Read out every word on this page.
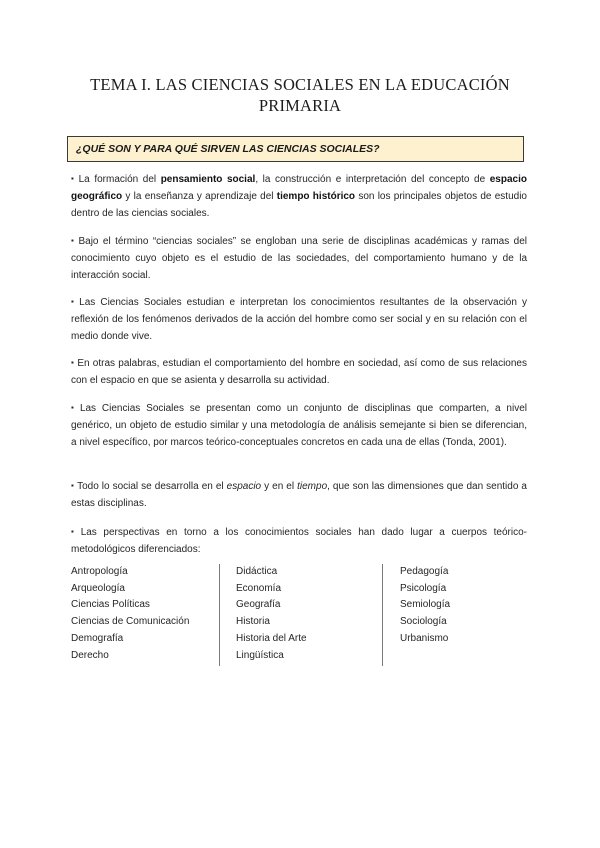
TEMA I. LAS CIENCIAS SOCIALES EN LA EDUCACIÓN
PRIMARIA
¿QUÉ SON Y PARA QUÉ SIRVEN LAS CIENCIAS SOCIALES?
▪ La formación del pensamiento social, la construcción e interpretación del concepto de espacio geográfico y la enseñanza y aprendizaje del tiempo histórico son los principales objetos de estudio dentro de las ciencias sociales.
▪ Bajo el término “ciencias sociales” se engloban una serie de disciplinas académicas y ramas del conocimiento cuyo objeto es el estudio de las sociedades, del comportamiento humano y de la interacción social.
▪ Las Ciencias Sociales estudian e interpretan los conocimientos resultantes de la observación y reflexión de los fenómenos derivados de la acción del hombre como ser social y en su relación con el medio donde vive.
▪ En otras palabras, estudian el comportamiento del hombre en sociedad, así como de sus relaciones con el espacio en que se asienta y desarrolla su actividad.
▪ Las Ciencias Sociales se presentan como un conjunto de disciplinas que comparten, a nivel genérico, un objeto de estudio similar y una metodología de análisis semejante si bien se diferencian, a nivel específico, por marcos teórico-conceptuales concretos en cada una de ellas (Tonda, 2001).
▪ Todo lo social se desarrolla en el espacio y en el tiempo, que son las dimensiones que dan sentido a estas disciplinas.
▪ Las perspectivas en torno a los conocimientos sociales han dado lugar a cuerpos teórico-metodológicos diferenciados:
Antropología
Arqueología
Ciencias Políticas
Ciencias de Comunicación
Demografía
Derecho
Didáctica
Economía
Geografía
Historia
Historia del Arte
Lingüística
Pedagogía
Psicología
Semiología
Sociología
Urbanismo
